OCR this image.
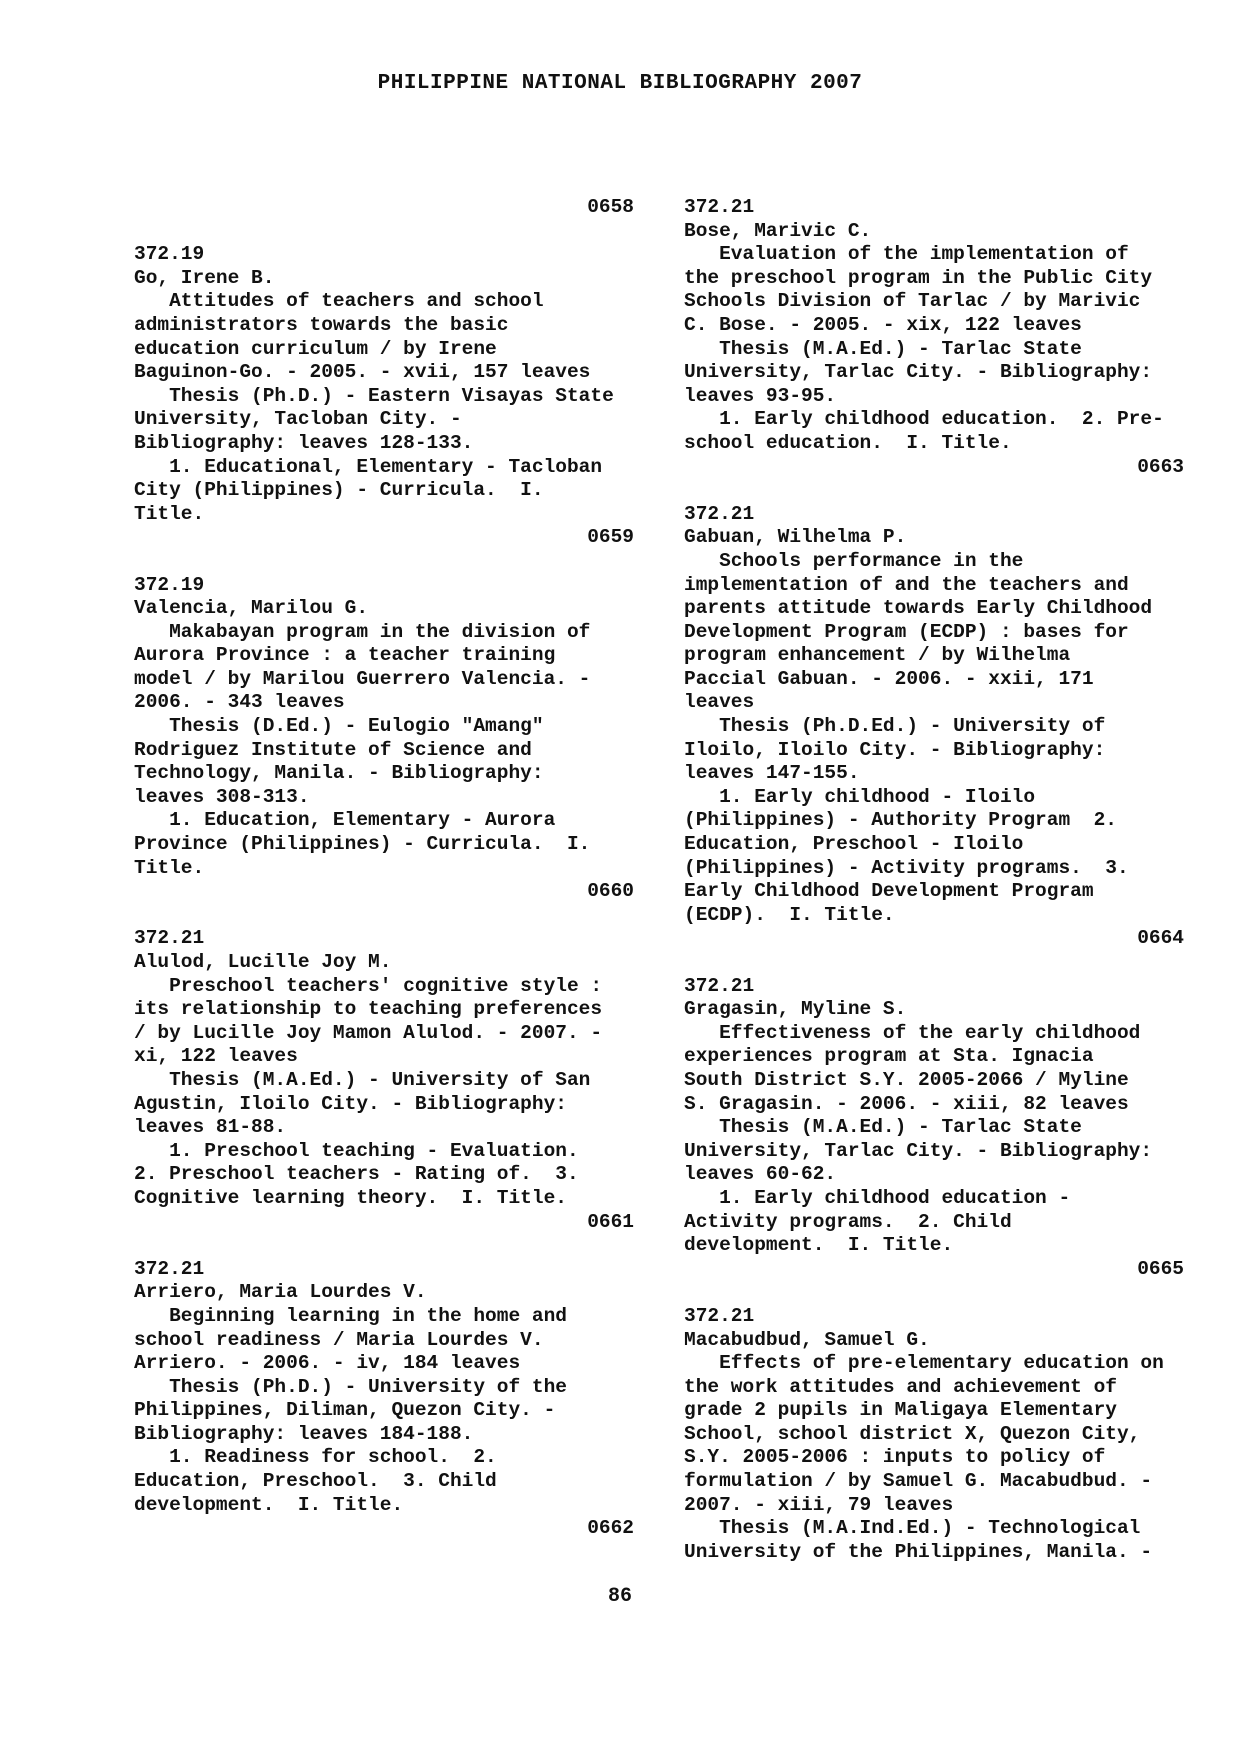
PHILIPPINE NATIONAL BIBLIOGRAPHY 2007
0658
372.19
Go, Irene B.
Attitudes of teachers and school
administrators towards the basic
education curriculum / by Irene
Baguinon-Go. - 2005. - xvii, 157 leaves
Thesis (Ph.D.) - Eastern Visayas State
University, Tacloban City. -
Bibliography: leaves 128-133.
1. Educational, Elementary - Tacloban
City (Philippines) - Curricula.  I.
Title.
0659
372.19
Valencia, Marilou G.
Makabayan program in the division of
Aurora Province : a teacher training
model / by Marilou Guerrero Valencia. -
2006. - 343 leaves
Thesis (D.Ed.) - Eulogio "Amang"
Rodriguez Institute of Science and
Technology, Manila. - Bibliography:
leaves 308-313.
1. Education, Elementary - Aurora
Province (Philippines) - Curricula.  I.
Title.
0660
372.21
Alulod, Lucille Joy M.
Preschool teachers' cognitive style :
its relationship to teaching preferences
/ by Lucille Joy Mamon Alulod. - 2007. -
xi, 122 leaves
Thesis (M.A.Ed.) - University of San
Agustin, Iloilo City. - Bibliography:
leaves 81-88.
1. Preschool teaching - Evaluation.
2. Preschool teachers - Rating of.  3.
Cognitive learning theory.  I. Title.
0661
372.21
Arriero, Maria Lourdes V.
Beginning learning in the home and
school readiness / Maria Lourdes V.
Arriero. - 2006. - iv, 184 leaves
Thesis (Ph.D.) - University of the
Philippines, Diliman, Quezon City. -
Bibliography: leaves 184-188.
1. Readiness for school.  2.
Education, Preschool.  3. Child
development.  I. Title.
0662
372.21
Bose, Marivic C.
Evaluation of the implementation of
the preschool program in the Public City
Schools Division of Tarlac / by Marivic
C. Bose. - 2005. - xix, 122 leaves
Thesis (M.A.Ed.) - Tarlac State
University, Tarlac City. - Bibliography:
leaves 93-95.
1. Early childhood education.  2. Pre-
school education.  I. Title.
0663
372.21
Gabuan, Wilhelma P.
Schools performance in the
implementation of and the teachers and
parents attitude towards Early Childhood
Development Program (ECDP) : bases for
program enhancement / by Wilhelma
Paccial Gabuan. - 2006. - xxii, 171
leaves
Thesis (Ph.D.Ed.) - University of
Iloilo, Iloilo City. - Bibliography:
leaves 147-155.
1. Early childhood - Iloilo
(Philippines) - Authority Program  2.
Education, Preschool - Iloilo
(Philippines) - Activity programs.  3.
Early Childhood Development Program
(ECDP).  I. Title.
0664
372.21
Gragasin, Myline S.
Effectiveness of the early childhood
experiences program at Sta. Ignacia
South District S.Y. 2005-2066 / Myline
S. Gragasin. - 2006. - xiii, 82 leaves
Thesis (M.A.Ed.) - Tarlac State
University, Tarlac City. - Bibliography:
leaves 60-62.
1. Early childhood education -
Activity programs.  2. Child
development.  I. Title.
0665
372.21
Macabudbud, Samuel G.
Effects of pre-elementary education on
the work attitudes and achievement of
grade 2 pupils in Maligaya Elementary
School, school district X, Quezon City,
S.Y. 2005-2006 : inputs to policy of
formulation / by Samuel G. Macabudbud. -
2007. - xiii, 79 leaves
Thesis (M.A.Ind.Ed.) - Technological
University of the Philippines, Manila. -
86
